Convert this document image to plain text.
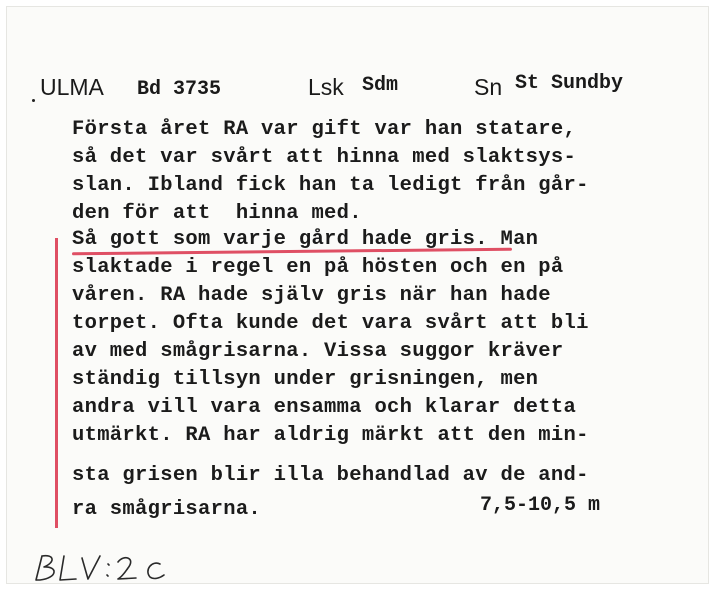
ULMA Bd 3735	Lsk Sdm	Sn St Sundby
Första året RA var gift var han statare,
så det var svårt att hinna med slaktsys-
slan. Ibland fick han ta ledigt från går-
den för att  hinna med.
Så gott som varje gård hade gris. Man
slaktade i regel en på hösten och en på
våren. RA hade själv gris när han hade
torpet. Ofta kunde det vara svårt att bli
av med smågrisarna. Vissa suggor kräver
ständig tillsyn under grisningen, men
andra vill vara ensamma och klarar detta
utmärkt. RA har aldrig märkt att den min-
sta grisen blir illa behandlad av de and-
ra smågrisarna.	7,5-10,5 m
